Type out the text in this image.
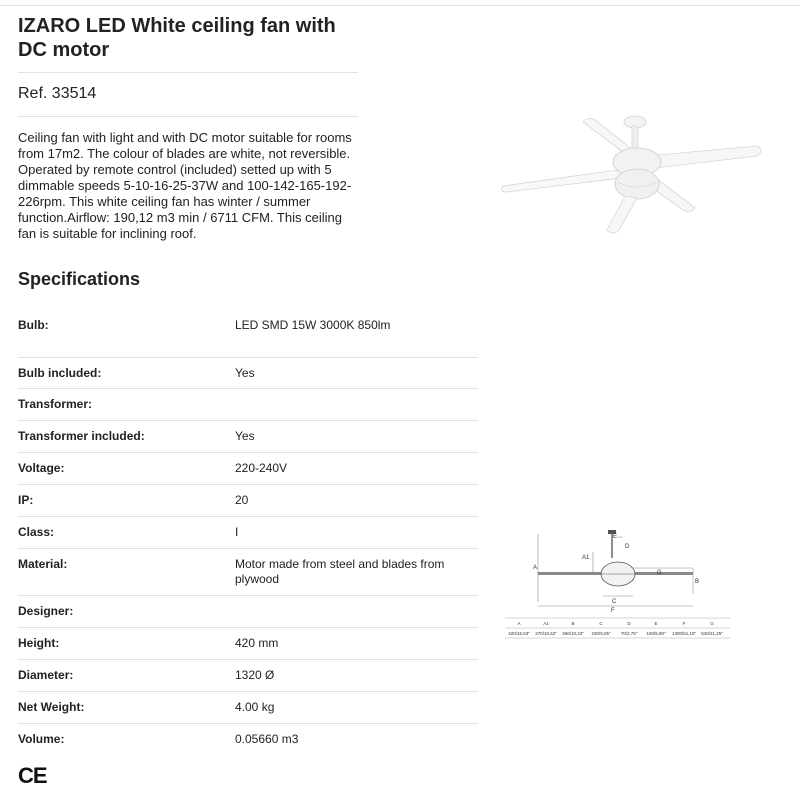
IZARO LED White ceiling fan with DC motor
Ref. 33514
Ceiling fan with light and with DC motor suitable for rooms from 17m2. The colour of blades are white, not reversible. Operated by remote control (included) setted up with 5 dimmable speeds 5-10-16-25-37W and 100-142-165-192-226rpm. This white ceiling fan has winter / summer function.Airflow: 190,12 m3 min / 6711 CFM. This ceiling fan is suitable for inclining roof.
Specifications
Bulb:	LED SMD 15W 3000K 850lm
Bulb included:	Yes
Transformer:
Transformer included:	Yes
Voltage:	220-240V
IP:	20
Class:	I
Material:	Motor made from steel and blades from plywood
Designer:
Height:	420 mm
Diameter:	1320 Ø
Net Weight:	4.00 kg
Volume:	0.05660 m3
CE
D
E
A
A1
G
B
C
F
A	A1	B	C	D	E	F	G
420/16,53" 270/10,62" 260/10,23" 230/9,05" 70/2,75" 150/5,90" 1300/51,18" 540/21,25"
